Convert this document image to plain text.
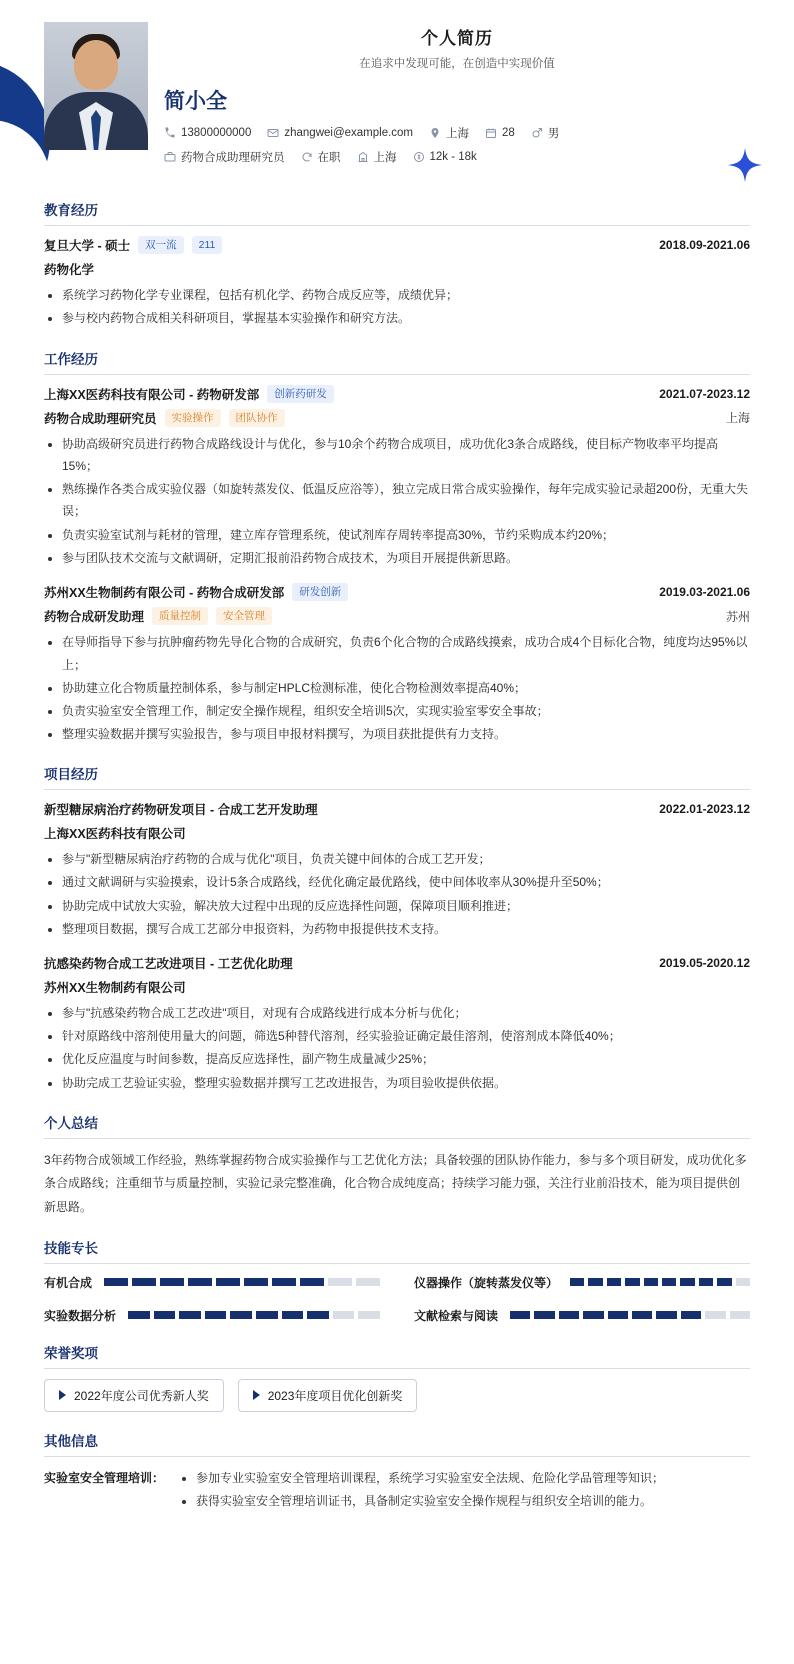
个人简历
在追求中发现可能，在创造中实现价值
简小全
13800000000	zhangwei@example.com	上海	28	男
药物合成助理研究员	在职	上海	12k - 18k
教育经历
复旦大学 - 硕士	双一流	211	2018.09-2021.06
药物化学
• 系统学习药物化学专业课程，包括有机化学、药物合成反应等，成绩优异；
• 参与校内药物合成相关科研项目，掌握基本实验操作和研究方法。
工作经历
上海XX医药科技有限公司 - 药物研发部	创新药研发	2021.07-2023.12
药物合成助理研究员	实验操作	团队协作	上海
• 协助高级研究员进行药物合成路线设计与优化，参与10余个药物合成项目，成功优化3条合成路线，使目标产物收率平均提高15%；
• 熟练操作各类合成实验仪器（如旋转蒸发仪、低温反应浴等），独立完成日常合成实验操作，每年完成实验记录超200份，无重大失误；
• 负责实验室试剂与耗材的管理，建立库存管理系统，使试剂库存周转率提高30%，节约采购成本约20%；
• 参与团队技术交流与文献调研，定期汇报前沿药物合成技术，为项目开展提供新思路。
苏州XX生物制药有限公司 - 药物合成研发部	研发创新	2019.03-2021.06
药物合成研发助理	质量控制	安全管理	苏州
• 在导师指导下参与抗肿瘤药物先导化合物的合成研究，负责6个化合物的合成路线摸索，成功合成4个目标化合物，纯度均达95%以上；
• 协助建立化合物质量控制体系，参与制定HPLC检测标准，使化合物检测效率提高40%；
• 负责实验室安全管理工作，制定安全操作规程，组织安全培训5次，实现实验室零安全事故；
• 整理实验数据并撰写实验报告，参与项目申报材料撰写，为项目获批提供有力支持。
项目经历
新型糖尿病治疗药物研发项目 - 合成工艺开发助理	2022.01-2023.12
上海XX医药科技有限公司
• 参与"新型糖尿病治疗药物的合成与优化"项目，负责关键中间体的合成工艺开发；
• 通过文献调研与实验摸索，设计5条合成路线，经优化确定最优路线，使中间体收率从30%提升至50%；
• 协助完成中试放大实验，解决放大过程中出现的反应选择性问题，保障项目顺利推进；
• 整理项目数据，撰写合成工艺部分申报资料，为药物申报提供技术支持。
抗感染药物合成工艺改进项目 - 工艺优化助理	2019.05-2020.12
苏州XX生物制药有限公司
• 参与"抗感染药物合成工艺改进"项目，对现有合成路线进行成本分析与优化；
• 针对原路线中溶剂使用量大的问题，筛选5种替代溶剂，经实验验证确定最佳溶剂，使溶剂成本降低40%；
• 优化反应温度与时间参数，提高反应选择性，副产物生成量减少25%；
• 协助完成工艺验证实验，整理实验数据并撰写工艺改进报告，为项目验收提供依据。
个人总结
3年药物合成领域工作经验，熟练掌握药物合成实验操作与工艺优化方法；具备较强的团队协作能力，参与多个项目研发，成功优化多条合成路线；注重细节与质量控制，实验记录完整准确，化合物合成纯度高；持续学习能力强，关注行业前沿技术，能为项目提供创新思路。
技能专长
有机合成	仪器操作（旋转蒸发仪等）
实验数据分析	文献检索与阅读
荣誉奖项
2022年度公司优秀新人奖	2023年度项目优化创新奖
其他信息
实验室安全管理培训：	• 参加专业实验室安全管理培训课程，系统学习实验室安全法规、危险化学品管理等知识；
• 获得实验室安全管理培训证书，具备制定实验室安全操作规程与组织安全培训的能力。
